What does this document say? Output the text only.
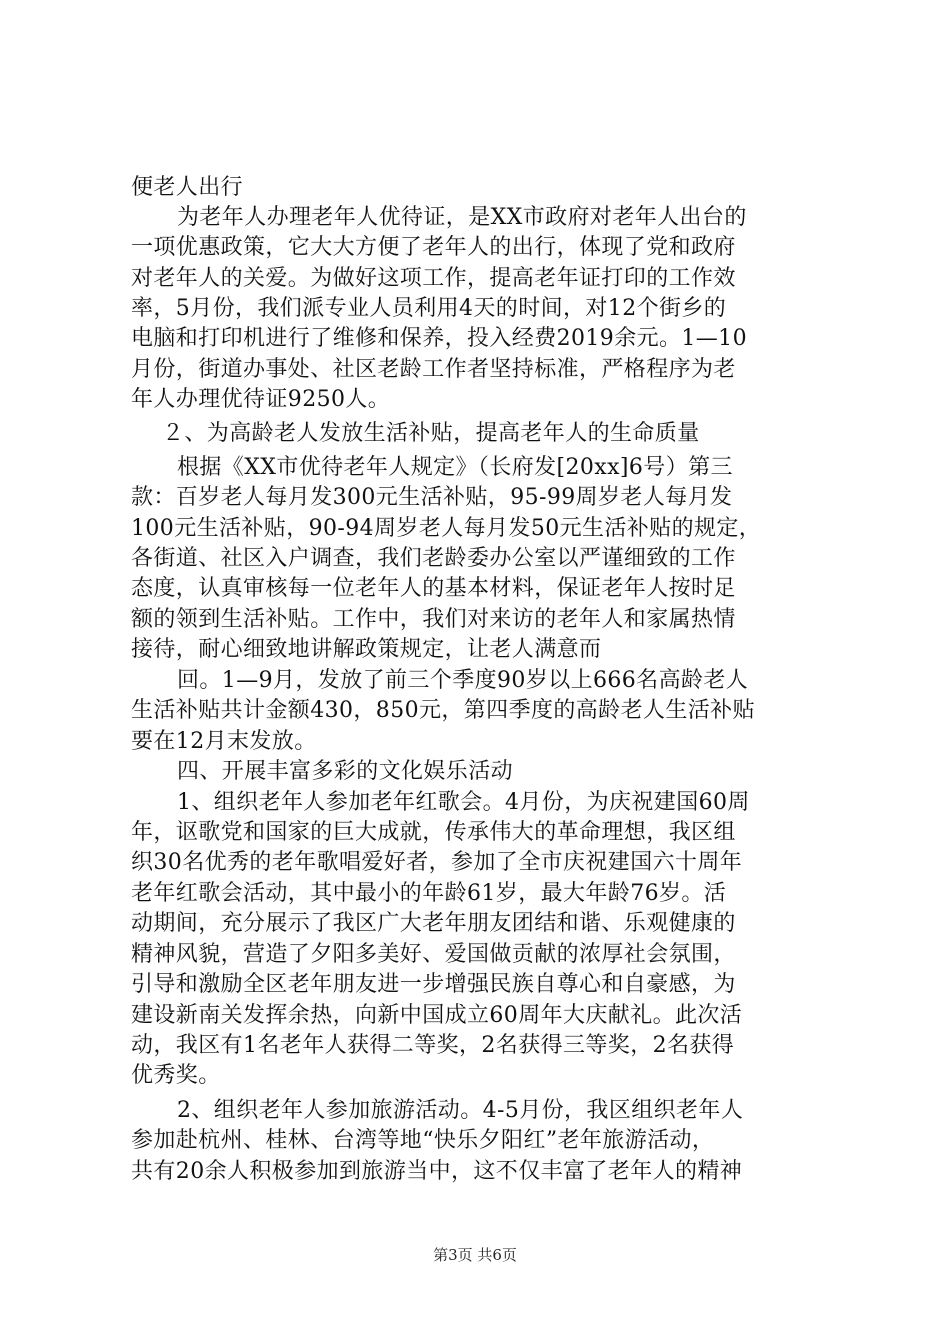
便老人出行
为老年人办理老年人优待证，是XX市政府对老年人出台的
一项优惠政策，它大大方便了老年人的出行，体现了党和政府
对老年人的关爱。为做好这项工作，提高老年证打印的工作效
率，5月份，我们派专业人员利用4天的时间，对12个街乡的
电脑和打印机进行了维修和保养，投入经费2019余元。1—10
月份，街道办事处、社区老龄工作者坚持标准，严格程序为老
年人办理优待证9250人。
２、为高龄老人发放生活补贴，提高老年人的生命质量
根据《XX市优待老年人规定》（长府发[20xx]6号）第三
款：百岁老人每月发300元生活补贴，95-99周岁老人每月发
100元生活补贴，90-94周岁老人每月发50元生活补贴的规定，
各街道、社区入户调查，我们老龄委办公室以严谨细致的工作
态度，认真审核每一位老年人的基本材料，保证老年人按时足
额的领到生活补贴。工作中，我们对来访的老年人和家属热情
接待，耐心细致地讲解政策规定，让老人满意而
回。1—9月，发放了前三个季度90岁以上666名高龄老人
生活补贴共计金额430，850元，第四季度的高龄老人生活补贴
要在12月末发放。
四、开展丰富多彩的文化娱乐活动
1、组织老年人参加老年红歌会。4月份，为庆祝建国60周
年，讴歌党和国家的巨大成就，传承伟大的革命理想，我区组
织30名优秀的老年歌唱爱好者，参加了全市庆祝建国六十周年
老年红歌会活动，其中最小的年龄61岁，最大年龄76岁。活
动期间，充分展示了我区广大老年朋友团结和谐、乐观健康的
精神风貌，营造了夕阳多美好、爱国做贡献的浓厚社会氛围，
引导和激励全区老年朋友进一步增强民族自尊心和自豪感，为
建设新南关发挥余热，向新中国成立60周年大庆献礼。此次活
动，我区有1名老年人获得二等奖，2名获得三等奖，2名获得
优秀奖。
2、组织老年人参加旅游活动。4-5月份，我区组织老年人
参加赴杭州、桂林、台湾等地“快乐夕阳红”老年旅游活动，
共有20余人积极参加到旅游当中，这不仅丰富了老年人的精神
第3页 共6页
